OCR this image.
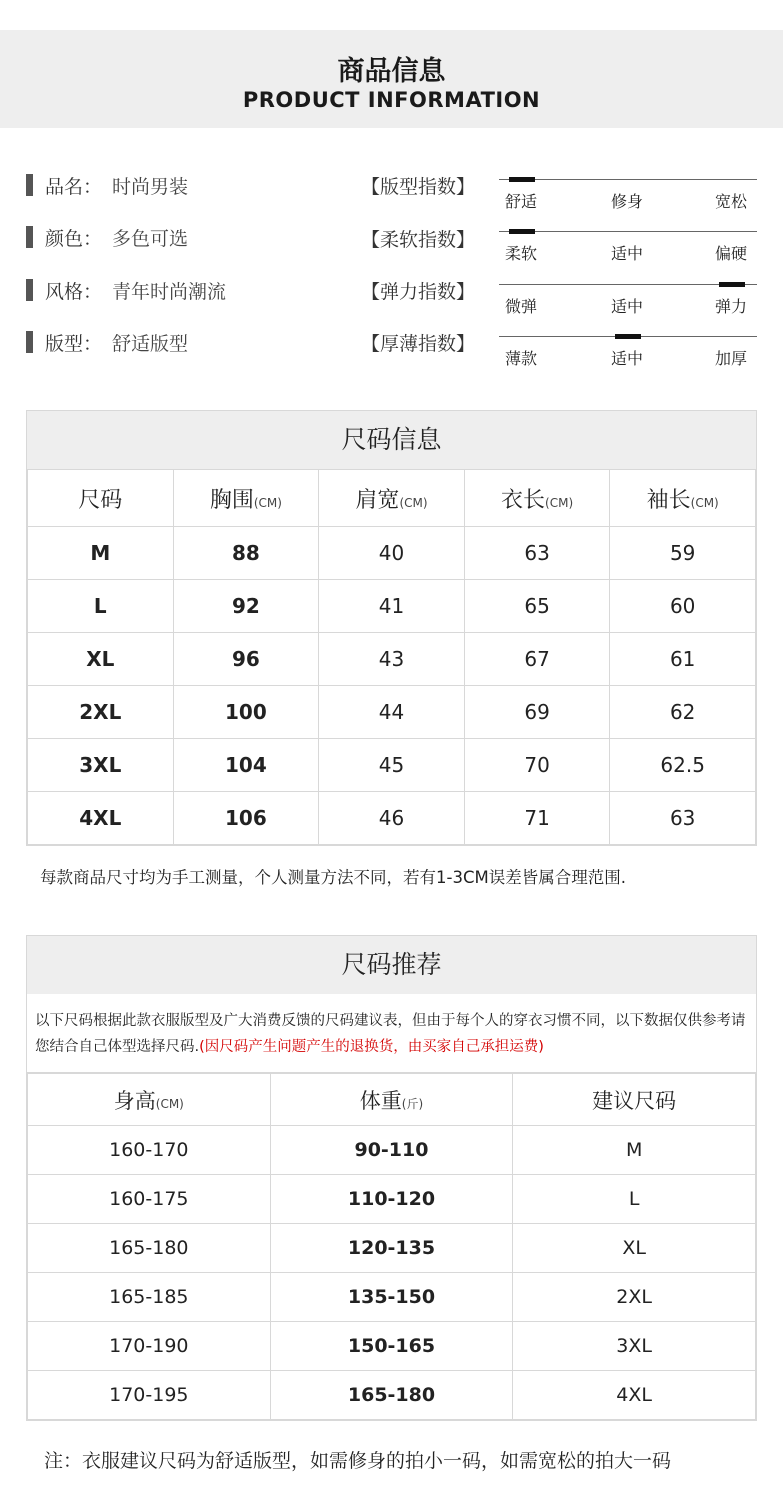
商品信息
PRODUCT INFORMATION
品名： 时尚男装
颜色： 多色可选
风格： 青年时尚潮流
版型： 舒适版型
【版型指数】
舒适	修身	宽松
【柔软指数】
柔软	适中	偏硬
【弹力指数】
微弹	适中	弹力
【厚薄指数】
薄款	适中	加厚
尺码信息
尺码	胸围(CM)	肩宽(CM)	衣长(CM)	袖长(CM)
M	88	40	63	59
L	92	41	65	60
XL	96	43	67	61
2XL	100	44	69	62
3XL	104	45	70	62.5
4XL	106	46	71	63
每款商品尺寸均为手工测量，个人测量方法不同，若有1-3CM误差皆属合理范围.
尺码推荐
以下尺码根据此款衣服版型及广大消费反馈的尺码建议表，但由于每个人的穿衣习惯不同，以下数据仅供参考请您结合自己体型选择尺码.(因尺码产生问题产生的退换货，由买家自己承担运费)
身高(CM)	体重(斤)	建议尺码
160-170	90-110	M
160-175	110-120	L
165-180	120-135	XL
165-185	135-150	2XL
170-190	150-165	3XL
170-195	165-180	4XL
注：衣服建议尺码为舒适版型，如需修身的拍小一码，如需宽松的拍大一码
